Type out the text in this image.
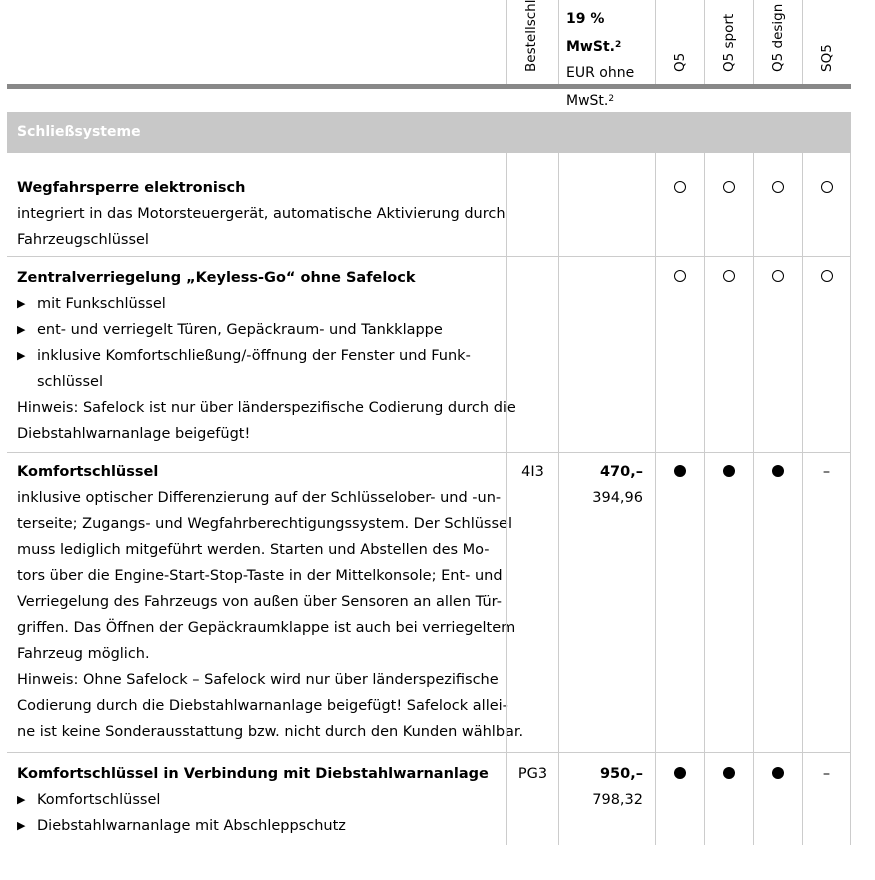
Bestellschl 19 % MwSt.$^2$
EUR ohne
MwSt.$^2$
Q5 Q5 sport Q5 design SQ5
Schließsysteme
Wegfahrsperre elektronisch
integriert in das Motorsteuergerät, automatische Aktivierung durch
Fahrzeugschlüssel
Zentralverriegelung „Keyless-Go“ ohne Safelock
▶ mit Funkschlüssel
▶ ent- und verriegelt Türen, Gepäckraum- und Tankklappe
▶ inklusive Komfortschließung/-öffnung der Fenster und Funk-
schlüssel
Hinweis: Safelock ist nur über länderspezifische Codierung durch die
Diebstahlwarnanlage beigefügt!
Komfortschlüssel
inklusive optischer Differenzierung auf der Schlüsselober- und -un-
terseite; Zugangs- und Wegfahrberechtigungssystem. Der Schlüssel
muss lediglich mitgeführt werden. Starten und Abstellen des Mo-
tors über die Engine-Start-Stop-Taste in der Mittelkonsole; Ent- und
Verriegelung des Fahrzeugs von außen über Sensoren an allen Tür-
griffen. Das Öffnen der Gepäckraumklappe ist auch bei verriegeltem
Fahrzeug möglich.
Hinweis: Ohne Safelock – Safelock wird nur über länderspezifische
Codierung durch die Diebstahlwarnanlage beigefügt! Safelock allei-
ne ist keine Sonderausstattung bzw. nicht durch den Kunden wählbar.
4I3	470,–
394,96
–
Komfortschlüssel in Verbindung mit Diebstahlwarnanlage
▶ Komfortschlüssel
▶ Diebstahlwarnanlage mit Abschleppschutz
PG3	950,–
798,32
–
